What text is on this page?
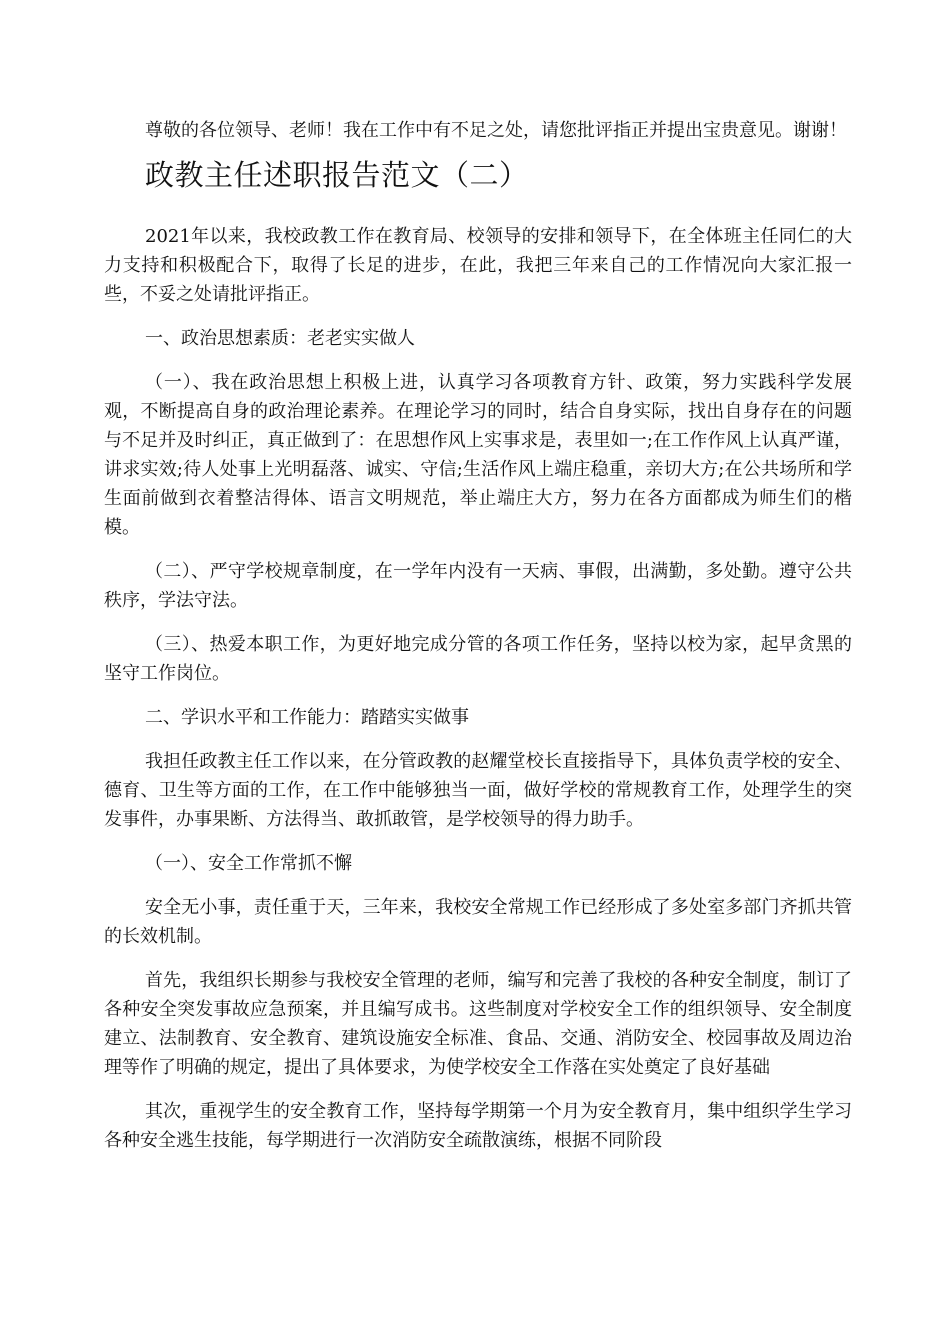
尊敬的各位领导、老师！我在工作中有不足之处，请您批评指正并提出宝贵意见。谢谢！

政教主任述职报告范文（二）

2021年以来，我校政教工作在教育局、校领导的安排和领导下，在全体班主任同仁的大力支持和积极配合下，取得了长足的进步，在此，我把三年来自己的工作情况向大家汇报一些，不妥之处请批评指正。

一、政治思想素质：老老实实做人

（一）、我在政治思想上积极上进，认真学习各项教育方针、政策，努力实践科学发展观，不断提高自身的政治理论素养。在理论学习的同时，结合自身实际，找出自身存在的问题与不足并及时纠正，真正做到了：在思想作风上实事求是，表里如一;在工作作风上认真严谨，讲求实效;待人处事上光明磊落、诚实、守信;生活作风上端庄稳重，亲切大方;在公共场所和学生面前做到衣着整洁得体、语言文明规范，举止端庄大方，努力在各方面都成为师生们的楷模。

（二）、严守学校规章制度，在一学年内没有一天病、事假，出满勤，多处勤。遵守公共秩序，学法守法。

（三）、热爱本职工作，为更好地完成分管的各项工作任务，坚持以校为家，起早贪黑的坚守工作岗位。

二、学识水平和工作能力：踏踏实实做事

我担任政教主任工作以来，在分管政教的赵耀堂校长直接指导下，具体负责学校的安全、德育、卫生等方面的工作，在工作中能够独当一面，做好学校的常规教育工作，处理学生的突发事件，办事果断、方法得当、敢抓敢管，是学校领导的得力助手。

（一）、安全工作常抓不懈

安全无小事，责任重于天，三年来，我校安全常规工作已经形成了多处室多部门齐抓共管的长效机制。

首先，我组织长期参与我校安全管理的老师，编写和完善了我校的各种安全制度，制订了各种安全突发事故应急预案，并且编写成书。这些制度对学校安全工作的组织领导、安全制度建立、法制教育、安全教育、建筑设施安全标准、食品、交通、消防安全、校园事故及周边治理等作了明确的规定，提出了具体要求，为使学校安全工作落在实处奠定了良好基础

其次，重视学生的安全教育工作，坚持每学期第一个月为安全教育月，集中组织学生学习各种安全逃生技能，每学期进行一次消防安全疏散演练，根据不同阶段
